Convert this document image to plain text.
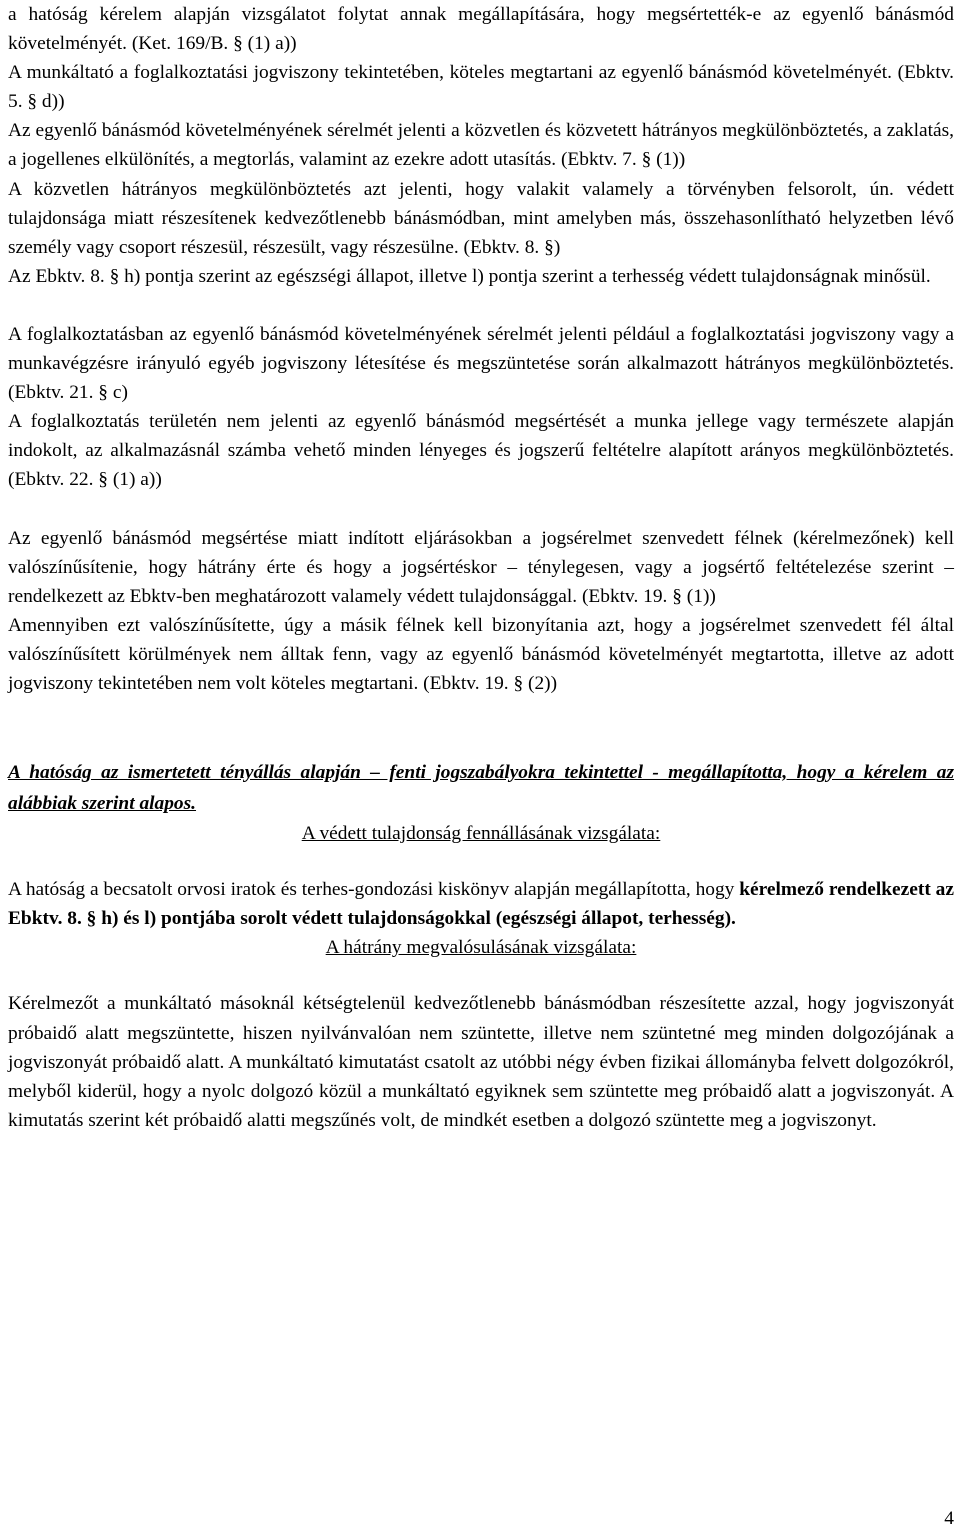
a hatóság kérelem alapján vizsgálatot folytat annak megállapítására, hogy megsértették-e az egyenlő bánásmód követelményét. (Ket. 169/B. § (1) a))

A munkáltató a foglalkoztatási jogviszony tekintetében, köteles megtartani az egyenlő bánásmód követelményét. (Ebktv. 5. § d))

Az egyenlő bánásmód követelményének sérelmét jelenti a közvetlen és közvetett hátrányos megkülönböztetés, a zaklatás, a jogellenes elkülönítés, a megtorlás, valamint az ezekre adott utasítás. (Ebktv. 7. § (1))

A közvetlen hátrányos megkülönböztetés azt jelenti, hogy valakit valamely a törvényben felsorolt, ún. védett tulajdonsága miatt részesítenek kedvezőtlenebb bánásmódban, mint amelyben más, összehasonlítható helyzetben lévő személy vagy csoport részesül, részesült, vagy részesülne. (Ebktv. 8. §)

Az Ebktv. 8. § h) pontja szerint az egészségi állapot, illetve l) pontja szerint a terhesség védett tulajdonságnak minősül.

A foglalkoztatásban az egyenlő bánásmód követelményének sérelmét jelenti például a foglalkoztatási jogviszony vagy a munkavégzésre irányuló egyéb jogviszony létesítése és megszüntetése során alkalmazott hátrányos megkülönböztetés. (Ebktv. 21. § c)

A foglalkoztatás területén nem jelenti az egyenlő bánásmód megsértését a munka jellege vagy természete alapján indokolt, az alkalmazásnál számba vehető minden lényeges és jogszerű feltételre alapított arányos megkülönböztetés. (Ebktv. 22. § (1) a))

Az egyenlő bánásmód megsértése miatt indított eljárásokban a jogsérelmet szenvedett félnek (kérelmezőnek) kell valószínűsítenie, hogy hátrány érte és hogy a jogsértéskor – ténylegesen, vagy a jogsértő feltételezése szerint – rendelkezett az Ebktv-ben meghatározott valamely védett tulajdonsággal. (Ebktv. 19. § (1))

Amennyiben ezt valószínűsítette, úgy a másik félnek kell bizonyítania azt, hogy a jogsérelmet szenvedett fél által valószínűsített körülmények nem álltak fenn, vagy az egyenlő bánásmód követelményét megtartotta, illetve az adott jogviszony tekintetében nem volt köteles megtartani. (Ebktv. 19. § (2))

A hatóság az ismertetett tényállás alapján – fenti jogszabályokra tekintettel - megállapította, hogy a kérelem az alábbiak szerint alapos.

A védett tulajdonság fennállásának vizsgálata:

A hatóság a becsatolt orvosi iratok és terhes-gondozási kiskönyv alapján megállapította, hogy kérelmező rendelkezett az Ebktv. 8. § h) és l) pontjába sorolt védett tulajdonságokkal (egészségi állapot, terhesség).

A hátrány megvalósulásának vizsgálata:

Kérelmezőt a munkáltató másoknál kétségtelenül kedvezőtlenebb bánásmódban részesítette azzal, hogy jogviszonyát próbaidő alatt megszüntette, hiszen nyilvánvalóan nem szüntette, illetve nem szüntetné meg minden dolgozójának a jogviszonyát próbaidő alatt. A munkáltató kimutatást csatolt az utóbbi négy évben fizikai állományba felvett dolgozókról, melyből kiderül, hogy a nyolc dolgozó közül a munkáltató egyiknek sem szüntette meg próbaidő alatt a jogviszonyát. A kimutatás szerint két próbaidő alatti megszűnés volt, de mindkét esetben a dolgozó szüntette meg a jogviszonyt.

4
